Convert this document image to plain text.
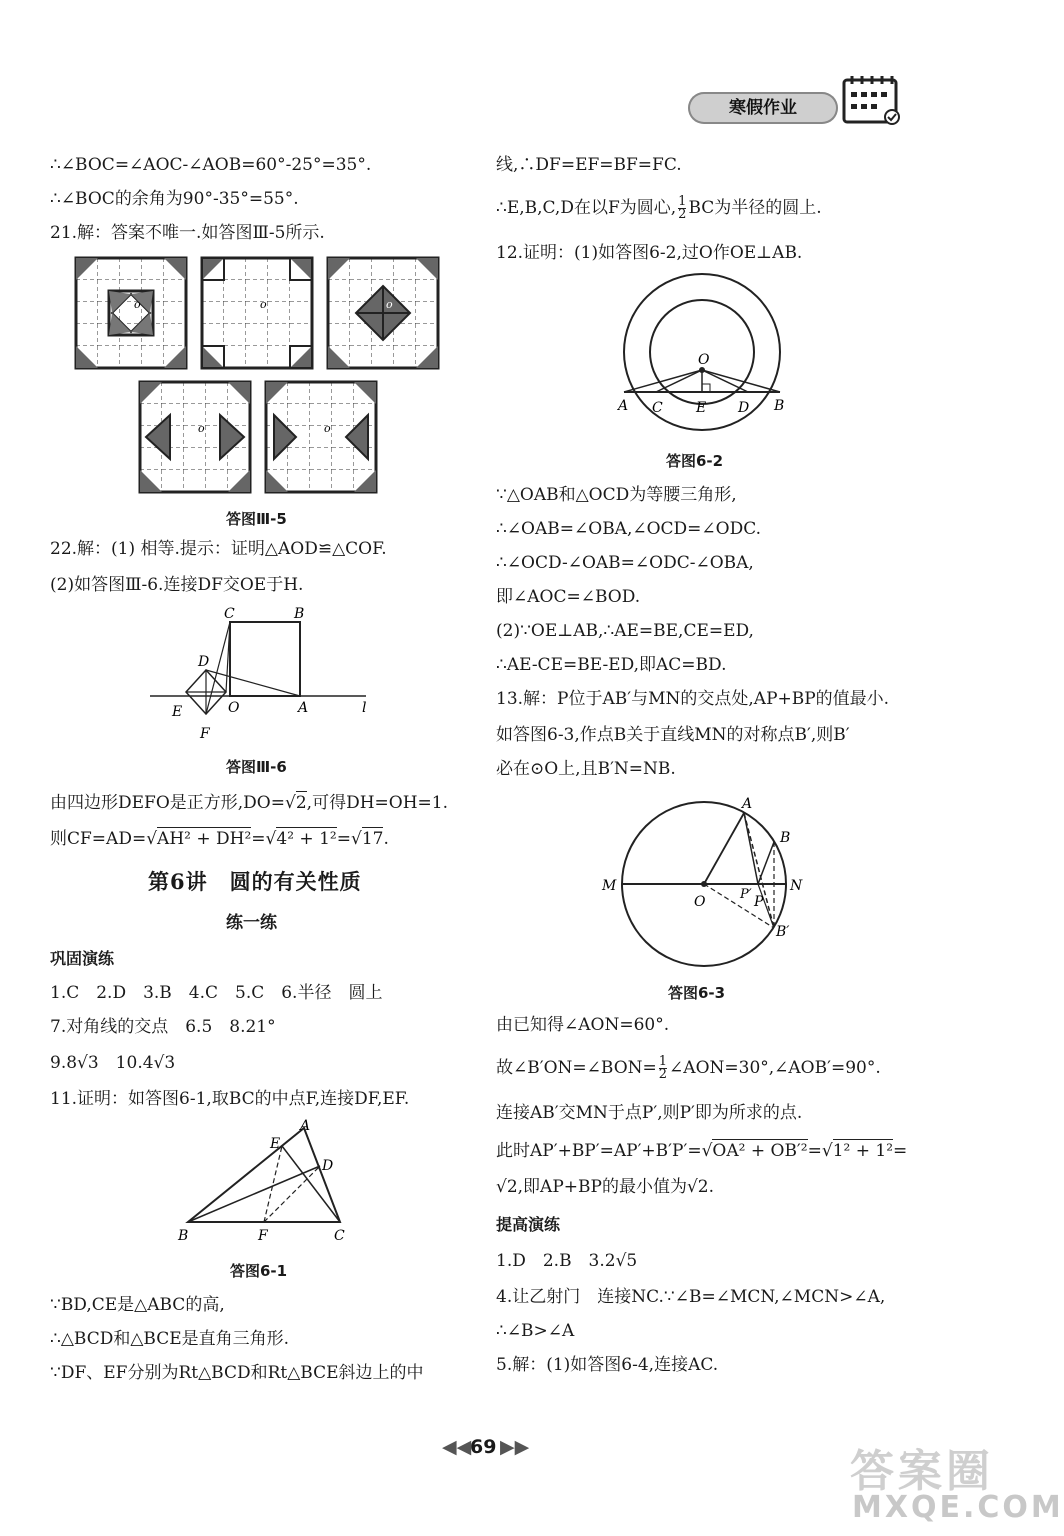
寒假作业
∴∠BOC=∠AOC-∠AOB=60°-25°=35°.
∴∠BOC的余角为90°-35°=55°.
21.解：答案不唯一.如答图Ⅲ-5所示.
o	o	o
o	o
答图Ⅲ-5
22.解：(1) 相等.提示：证明△AOD≌△COF.
(2)如答图Ⅲ-6.连接DF交OE于H.
C	B
D
E	O	A
F
l
答图Ⅲ-6
由四边形DEFO是正方形,DO=√2,可得DH=OH=1.
则CF=AD=√AH² + DH²=√4² + 1²=√17.
第6讲　圆的有关性质
练一练
巩固演练
1.C　2.D　3.B　4.C　5.C　6.半径　圆上
7.对角线的交点　6.5　8.21°
9.8√3　10.4√3
11.证明：如答图6-1,取BC的中点F,连接DF,EF.
A
E
D
B	F	C
答图6-1
∵BD,CE是△ABC的高,
∴△BCD和△BCE是直角三角形.
∵DF、EF分别为Rt△BCD和Rt△BCE斜边上的中
线,∴DF=EF=BF=FC.
∴E,B,C,D在以F为圆心, $\frac{1}{2}$ BC为半径的圆上.
12.证明：(1)如答图6-2,过O作OE⊥AB.
O
A C E D B
答图6-2
∵△OAB和△OCD为等腰三角形,
∴∠OAB=∠OBA,∠OCD=∠ODC.
∴∠OCD-∠OAB=∠ODC-∠OBA,
即∠AOC=∠BOD.
(2)∵OE⊥AB,∴AE=BE,CE=ED,
∴AE-CE=BE-ED,即AC=BD.
13.解：P位于AB′与MN的交点处,AP+BP的值最小.
如答图6-3,作点B关于直线MN的对称点B′,则B′
必在⊙O上,且B′N=NB.
A
B
M
O	P′ P
N
B′
答图6-3
由已知得∠AON=60°.
故∠B′ON=∠BON= $\frac{1}{2}$ ∠AON=30°,∠AOB′=90°.
连接AB′交MN于点P′,则P′即为所求的点.
此时AP′+BP′=AP′+B′P′=√OA² + OB′²=√1² + 1²=
√2,即AP+BP的最小值为√2.
提高演练
1.D　2.B　3.2√5
4.让乙射门　连接NC.∵∠B=∠MCN,∠MCN>∠A,
∴∠B>∠A
5.解：(1)如答图6-4,连接AC.
◀◀
69 ▶▶	答案圈
MXQE.COM
